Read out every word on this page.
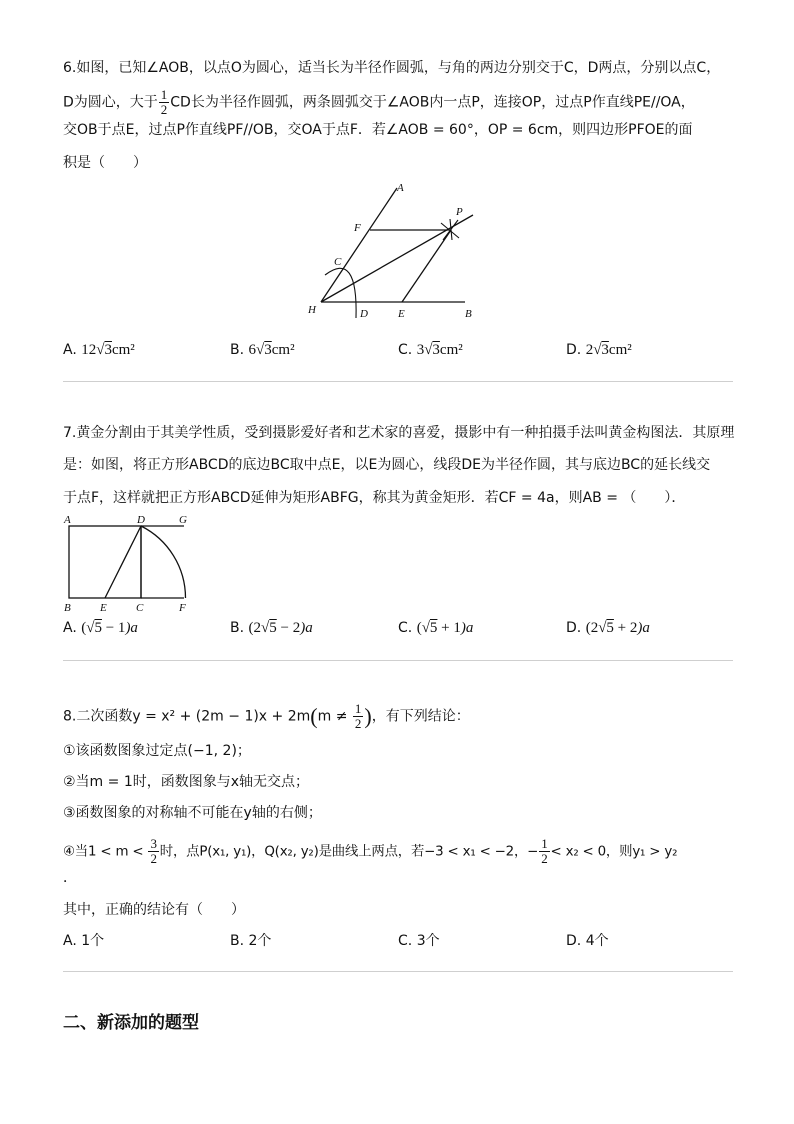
6.如图，已知∠AOB，以点O为圆心，适当长为半径作圆弧，与角的两边分别交于C，D两点，分别以点C，
D为圆心，大于 $\frac{1}{2}$ CD长为半径作圆弧，两条圆弧交于∠AOB内一点P，连接OP，过点P作直线PE//OA，
交OB于点E，过点P作直线PF//OB，交OA于点F．若∠AOB = 60°，OP = 6cm，则四边形PFOE的面
积是（　　）
A
P
F
C
H	D	E	B
A. 12√3cm²	B. 6√3cm²	C. 3√3cm²	D. 2√3cm²
7.黄金分割由于其美学性质，受到摄影爱好者和艺术家的喜爱，摄影中有一种拍摄手法叫黄金构图法．其原理
是：如图，将正方形ABCD的底边BC取中点E，以E为圆心，线段DE为半径作圆，其与底边BC的延长线交
于点F，这样就把正方形ABCD延伸为矩形ABFG，称其为黄金矩形．若CF = 4a，则AB = （　　）．
A	D	G
B	E	C	F
A. (√5 − 1)a	B. (2√5 − 2)a	C. (√5 + 1)a	D. (2√5 + 2)a
8.二次函数$y = x^2 + (2m - 1)x + 2m(m \ne \frac{1}{2}$ )，有下列结论：
①该函数图象过定点(−1, 2)；
②当m = 1时，函数图象与x轴无交点；
③函数图象的对称轴不可能在y轴的右侧；
④当$1 < m < \frac{3}{2}$ 时，点P(x₁, y₁)，Q(x₂, y₂)是曲线上两点，若−3 < x₁ < −2，− $\frac{1}{2} < x_2 < 0$，则y₁ > y₂
．
其中，正确的结论有（　　）
A. 1个	B. 2个	C. 3个	D. 4个
二、新添加的题型
